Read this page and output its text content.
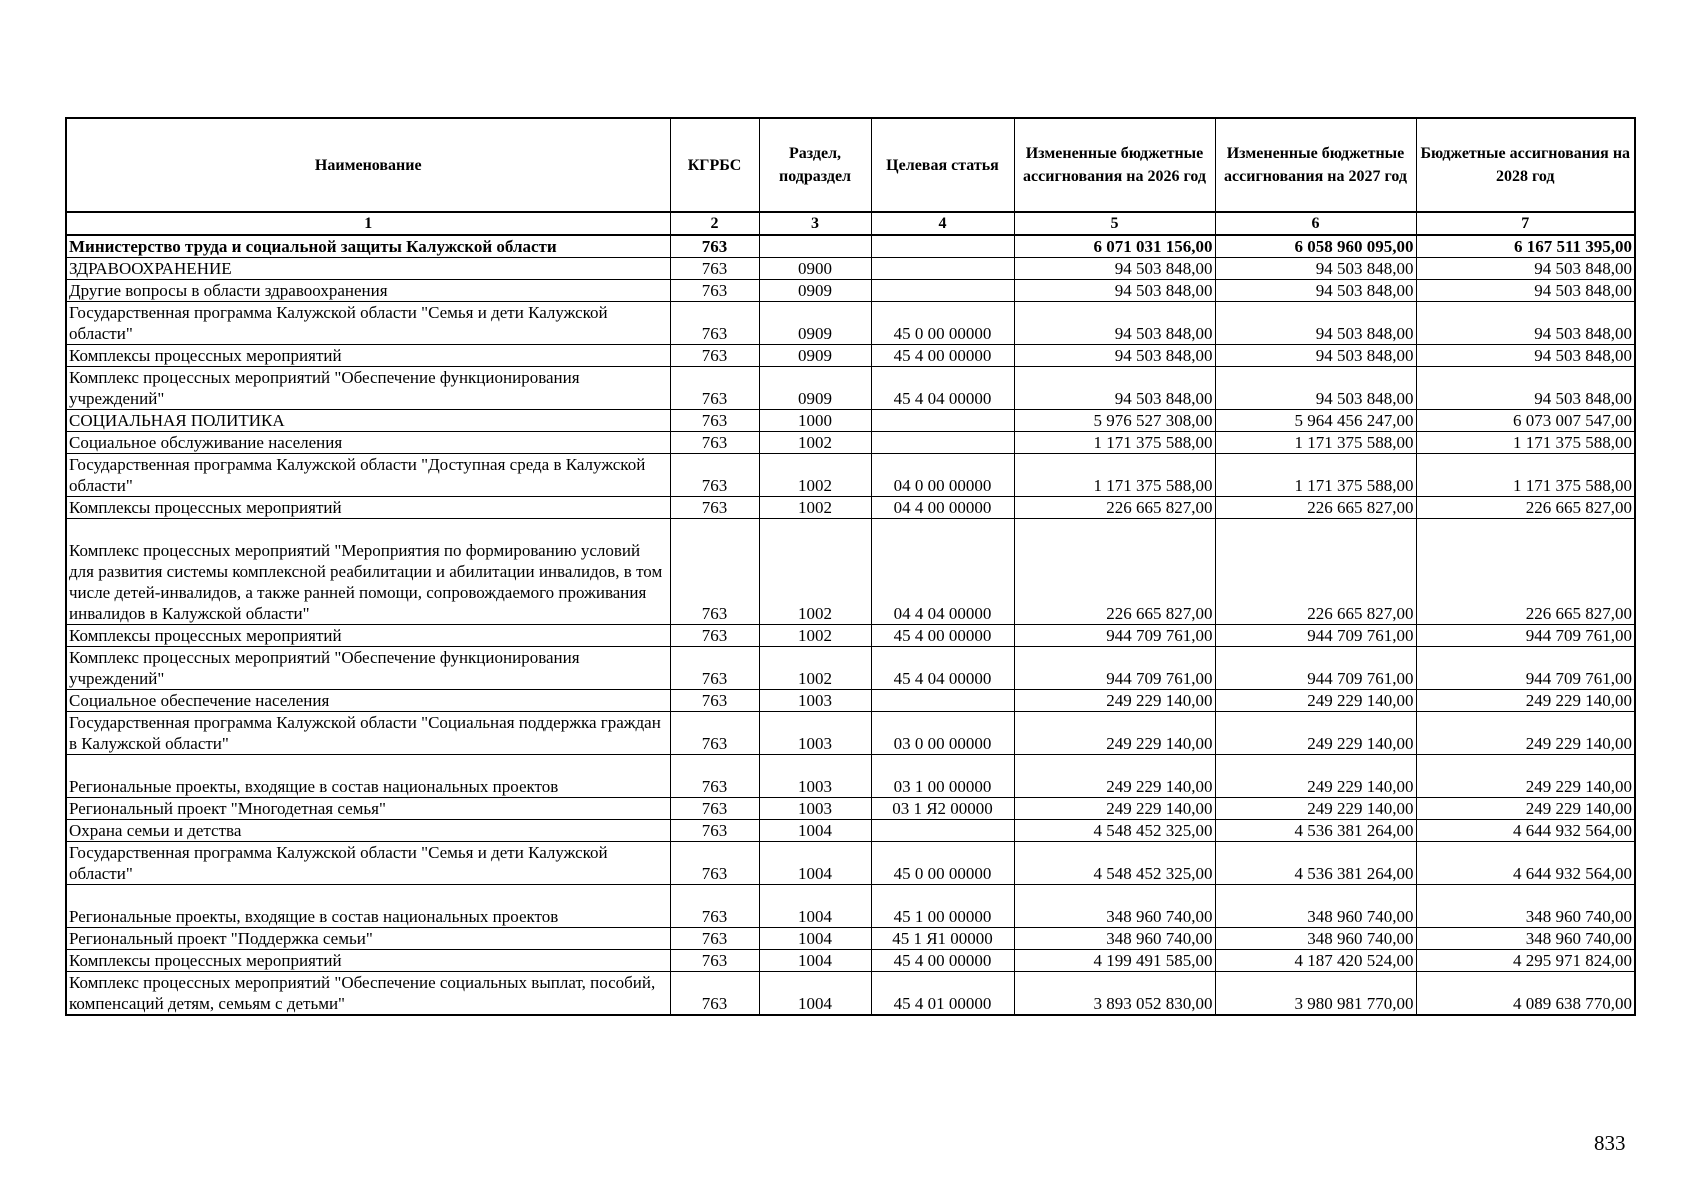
Наименование	КГРБС	Раздел, подраздел	Целевая статья	Измененные бюджетные ассигнования на 2026 год	Измененные бюджетные ассигнования на 2027 год	Бюджетные ассигнования на 2028 год
1	2	3	4	5	6	7
Министерство труда и социальной защиты Калужской области	763			6 071 031 156,00	6 058 960 095,00	6 167 511 395,00
ЗДРАВООХРАНЕНИЕ	763	0900		94 503 848,00	94 503 848,00	94 503 848,00
Другие вопросы в области здравоохранения	763	0909		94 503 848,00	94 503 848,00	94 503 848,00
Государственная программа Калужской области "Семья и дети Калужской области"	763	0909	45 0 00 00000	94 503 848,00	94 503 848,00	94 503 848,00
Комплексы процессных мероприятий	763	0909	45 4 00 00000	94 503 848,00	94 503 848,00	94 503 848,00
Комплекс процессных мероприятий "Обеспечение функционирования учреждений"	763	0909	45 4 04 00000	94 503 848,00	94 503 848,00	94 503 848,00
СОЦИАЛЬНАЯ ПОЛИТИКА	763	1000		5 976 527 308,00	5 964 456 247,00	6 073 007 547,00
Социальное обслуживание населения	763	1002		1 171 375 588,00	1 171 375 588,00	1 171 375 588,00
Государственная программа Калужской области "Доступная среда в Калужской области"	763	1002	04 0 00 00000	1 171 375 588,00	1 171 375 588,00	1 171 375 588,00
Комплексы процессных мероприятий	763	1002	04 4 00 00000	226 665 827,00	226 665 827,00	226 665 827,00
Комплекс процессных мероприятий "Мероприятия по формированию условий для развития системы комплексной реабилитации и абилитации инвалидов, в том числе детей-инвалидов, а также ранней помощи, сопровождаемого проживания инвалидов в Калужской области"	763	1002	04 4 04 00000	226 665 827,00	226 665 827,00	226 665 827,00
Комплексы процессных мероприятий	763	1002	45 4 00 00000	944 709 761,00	944 709 761,00	944 709 761,00
Комплекс процессных мероприятий "Обеспечение функционирования учреждений"	763	1002	45 4 04 00000	944 709 761,00	944 709 761,00	944 709 761,00
Социальное обеспечение населения	763	1003		249 229 140,00	249 229 140,00	249 229 140,00
Государственная программа Калужской области "Социальная поддержка граждан в Калужской области"	763	1003	03 0 00 00000	249 229 140,00	249 229 140,00	249 229 140,00
Региональные проекты, входящие в состав национальных проектов	763	1003	03 1 00 00000	249 229 140,00	249 229 140,00	249 229 140,00
Региональный проект "Многодетная семья"	763	1003	03 1 Я2 00000	249 229 140,00	249 229 140,00	249 229 140,00
Охрана семьи и детства	763	1004		4 548 452 325,00	4 536 381 264,00	4 644 932 564,00
Государственная программа Калужской области "Семья и дети Калужской области"	763	1004	45 0 00 00000	4 548 452 325,00	4 536 381 264,00	4 644 932 564,00
Региональные проекты, входящие в состав национальных проектов	763	1004	45 1 00 00000	348 960 740,00	348 960 740,00	348 960 740,00
Региональный проект "Поддержка семьи"	763	1004	45 1 Я1 00000	348 960 740,00	348 960 740,00	348 960 740,00
Комплексы процессных мероприятий	763	1004	45 4 00 00000	4 199 491 585,00	4 187 420 524,00	4 295 971 824,00
Комплекс процессных мероприятий "Обеспечение социальных выплат, пособий, компенсаций детям, семьям с детьми"	763	1004	45 4 01 00000	3 893 052 830,00	3 980 981 770,00	4 089 638 770,00
833
